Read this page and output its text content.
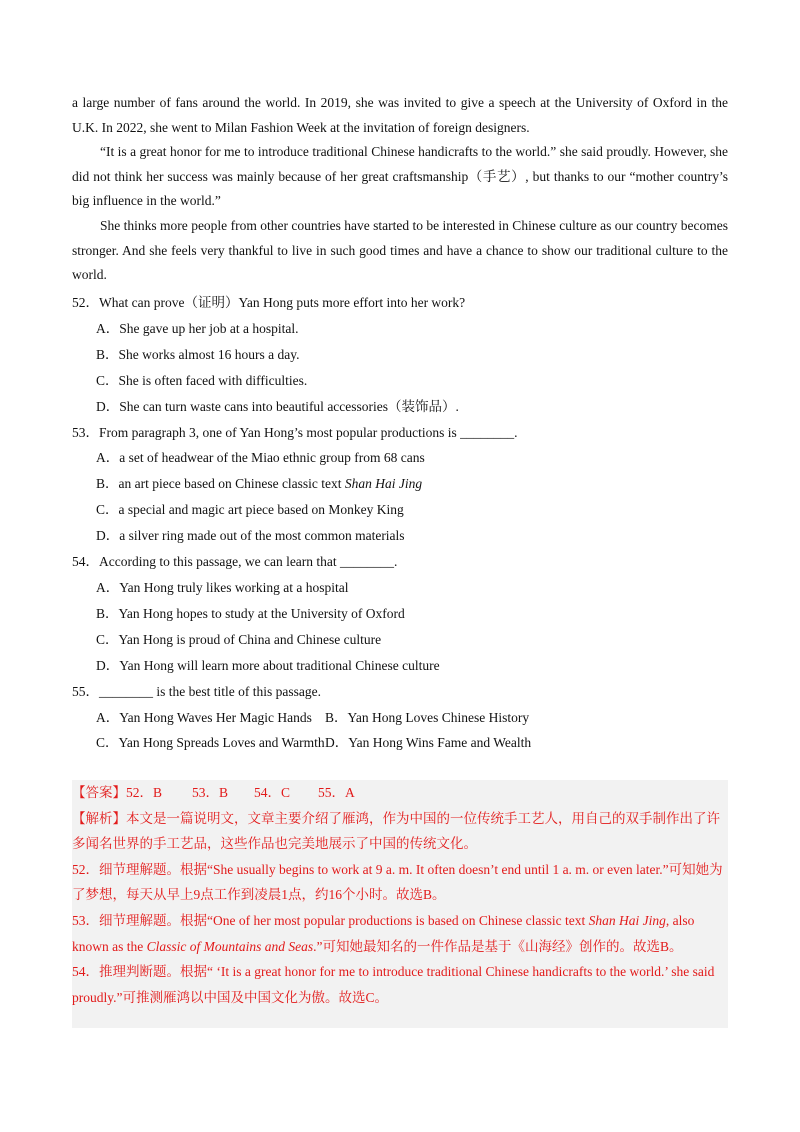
a large number of fans around the world. In 2019, she was invited to give a speech at the University of Oxford in the U.K. In 2022, she went to Milan Fashion Week at the invitation of foreign designers.

“It is a great honor for me to introduce traditional Chinese handicrafts to the world.” she said proudly. However, she did not think her success was mainly because of her great craftsmanship（手艺）, but thanks to our “mother country’s big influence in the world.”

She thinks more people from other countries have started to be interested in Chinese culture as our country becomes stronger. And she feels very thankful to live in such good times and have a chance to show our traditional culture to the world.

52．What can prove（证明）Yan Hong puts more effort into her work?

A．She gave up her job at a hospital.

B．She works almost 16 hours a day.

C．She is often faced with difficulties.

D．She can turn waste cans into beautiful accessories（装饰品）.

53．From paragraph 3, one of Yan Hong’s most popular productions is ________.

A．a set of headwear of the Miao ethnic group from 68 cans

B．an art piece based on Chinese classic text Shan Hai Jing

C．a special and magic art piece based on Monkey King

D．a silver ring made out of the most common materials

54．According to this passage, we can learn that ________.

A．Yan Hong truly likes working at a hospital

B．Yan Hong hopes to study at the University of Oxford

C．Yan Hong is proud of China and Chinese culture

D．Yan Hong will learn more about traditional Chinese culture

55．________ is the best title of this passage.

A．Yan Hong Waves Her Magic Hands B．Yan Hong Loves Chinese History

C．Yan Hong Spreads Loves and Warmth D．Yan Hong Wins Fame and Wealth

【答案】52．B 53．B 54．C 55．A

【解析】本文是一篇说明文，文章主要介绍了雁鸿，作为中国的一位传统手工艺人，用自己的双手制作出了许多闻名世界的手工艺品，这些作品也完美地展示了中国的传统文化。

52．细节理解题。根据“She usually begins to work at 9 a. m. It often doesn’t end until 1 a. m. or even later.”可知她为了梦想，每天从早上9点工作到凌晨1点，约16个小时。故选B。

53．细节理解题。根据“One of her most popular productions is based on Chinese classic text Shan Hai Jing, also known as the Classic of Mountains and Seas.”可知她最知名的一件作品是基于《山海经》创作的。故选B。

54．推理判断题。根据“ ‘It is a great honor for me to introduce traditional Chinese handicrafts to the world.’ she said proudly.”可推测雁鸿以中国及中国文化为傲。故选C。
